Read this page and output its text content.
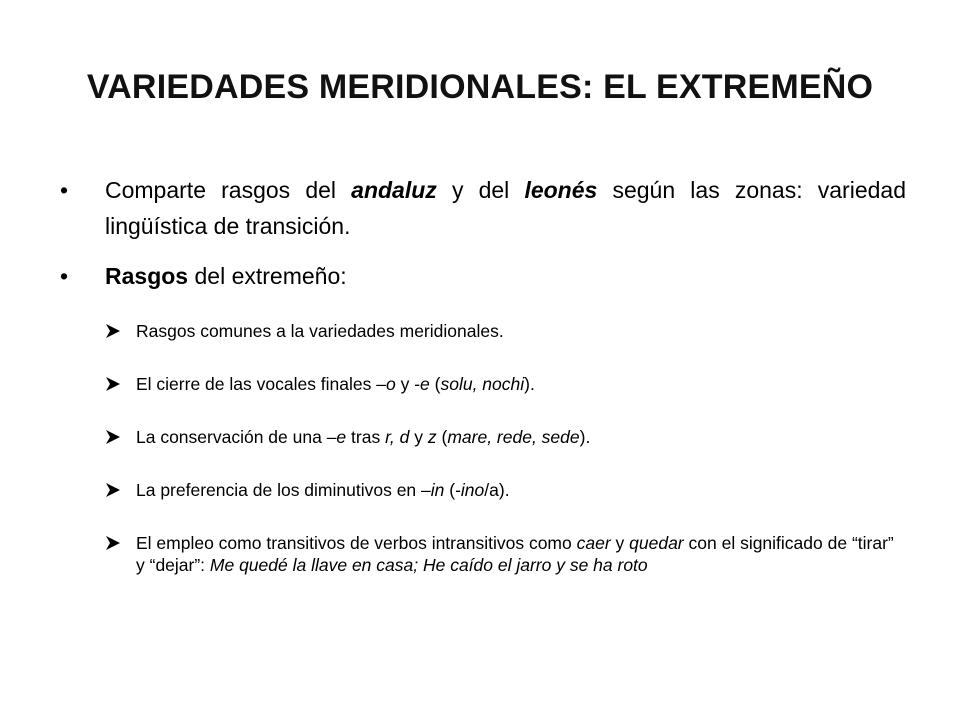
VARIEDADES MERIDIONALES: EL EXTREMEÑO
• Comparte rasgos del andaluz y del leonés según las zonas: variedad lingüística de transición.
• Rasgos del extremeño:
Rasgos comunes a la variedades meridionales.
El cierre de las vocales finales –o y -e (solu, nochi).
La conservación de una –e tras r, d y z (mare, rede, sede).
La preferencia de los diminutivos en –in (-ino/a).
El empleo como transitivos de verbos intransitivos como caer y quedar con el significado de “tirar” y “dejar”: Me quedé la llave en casa; He caído el jarro y se ha roto
